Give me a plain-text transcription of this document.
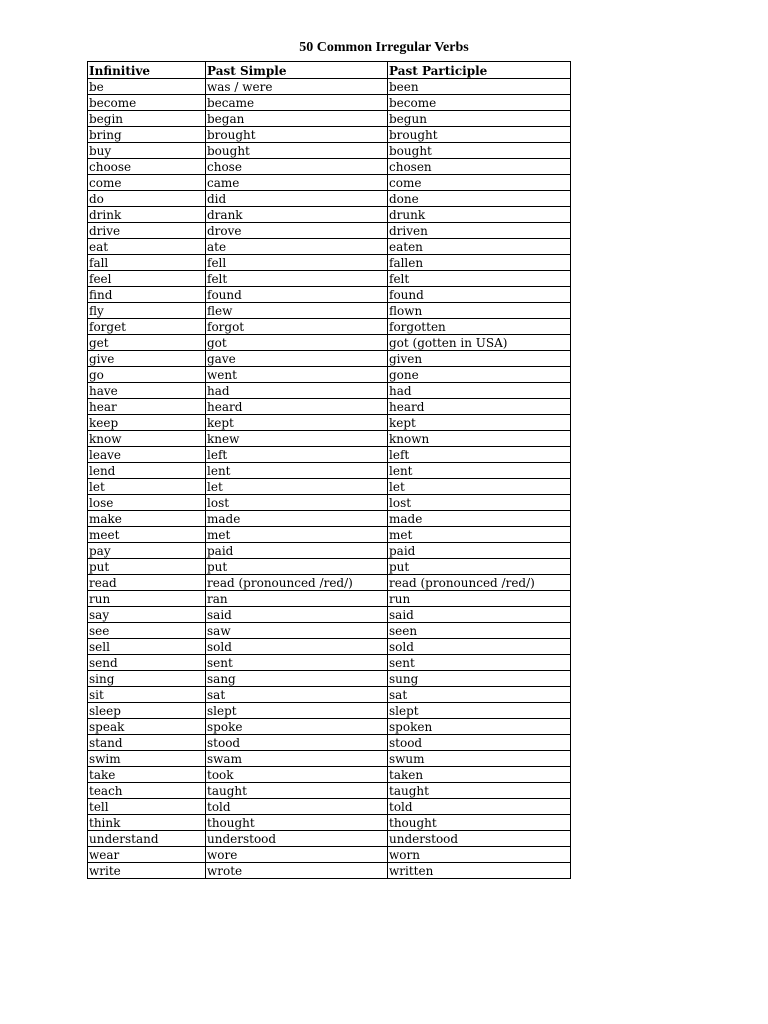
50 Common Irregular Verbs
Infinitive	Past Simple	Past Participle
be	was / were	been
become	became	become
begin	began	begun
bring	brought	brought
buy	bought	bought
choose	chose	chosen
come	came	come
do	did	done
drink	drank	drunk
drive	drove	driven
eat	ate	eaten
fall	fell	fallen
feel	felt	felt
find	found	found
fly	flew	flown
forget	forgot	forgotten
get	got	got (gotten in USA)
give	gave	given
go	went	gone
have	had	had
hear	heard	heard
keep	kept	kept
know	knew	known
leave	left	left
lend	lent	lent
let	let	let
lose	lost	lost
make	made	made
meet	met	met
pay	paid	paid
put	put	put
read	read (pronounced /red/)	read (pronounced /red/)
run	ran	run
say	said	said
see	saw	seen
sell	sold	sold
send	sent	sent
sing	sang	sung
sit	sat	sat
sleep	slept	slept
speak	spoke	spoken
stand	stood	stood
swim	swam	swum
take	took	taken
teach	taught	taught
tell	told	told
think	thought	thought
understand	understood	understood
wear	wore	worn
write	wrote	written
